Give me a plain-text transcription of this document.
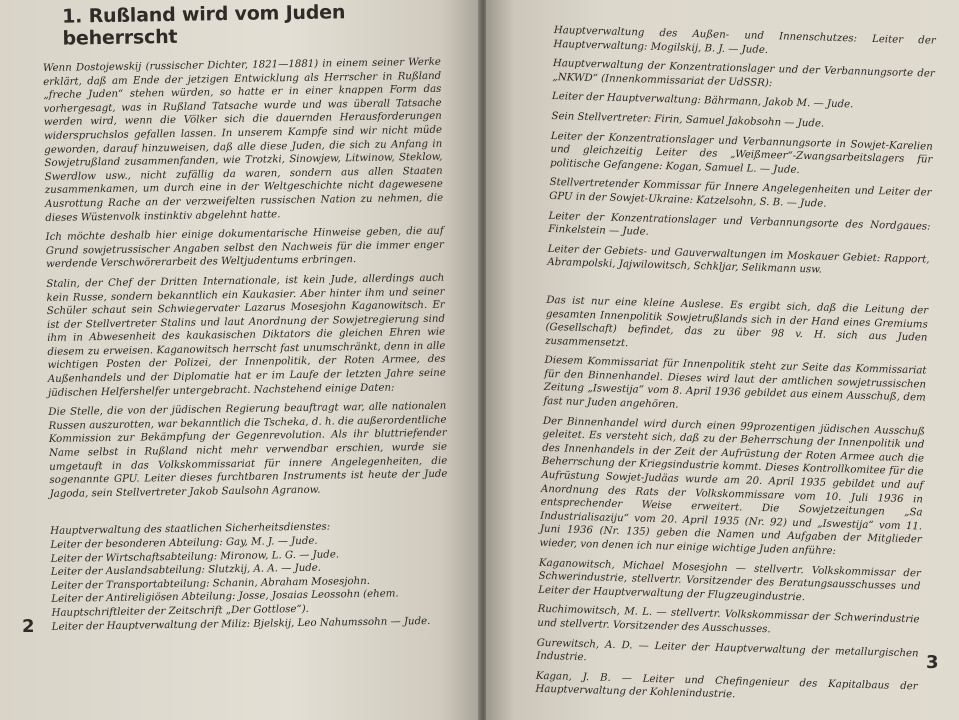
1. Rußland wird vom Juden beherrscht

Wenn Dostojewskij (russischer Dichter, 1821—1881) in einem seiner Werke erklärt, daß am Ende der jetzigen Entwicklung als Herrscher in Rußland „freche Juden“ stehen würden, so hatte er in einer knappen Form das vorhergesagt, was in Rußland Tatsache wurde und was überall Tatsache werden wird, wenn die Völker sich die dauernden Herausforderungen widerspruchslos gefallen lassen. In unserem Kampfe sind wir nicht müde geworden, darauf hinzuweisen, daß alle diese Juden, die sich zu Anfang in Sowjetrußland zusammenfanden, wie Trotzki, Sinowjew, Litwinow, Steklow, Swerdlow usw., nicht zufällig da waren, sondern aus allen Staaten zusammenkamen, um durch eine in der Weltgeschichte nicht dagewesene Ausrottung Rache an der verzweifelten russischen Nation zu nehmen, die dieses Wüstenvolk instinktiv abgelehnt hatte.

Ich möchte deshalb hier einige dokumentarische Hinweise geben, die auf Grund sowjetrussischer Angaben selbst den Nachweis für die immer enger werdende Verschwörerarbeit des Weltjudentums erbringen.

Stalin, der Chef der Dritten Internationale, ist kein Jude, allerdings auch kein Russe, sondern bekanntlich ein Kaukasier. Aber hinter ihm und seiner Schüler schaut sein Schwiegervater Lazarus Mosesjohn Kaganowitsch. Er ist der Stellvertreter Stalins und laut Anordnung der Sowjetregierung sind ihm in Abwesenheit des kaukasischen Diktators die gleichen Ehren wie diesem zu erweisen. Kaganowitsch herrscht fast unumschränkt, denn in alle wichtigen Posten der Polizei, der Innenpolitik, der Roten Armee, des Außenhandels und der Diplomatie hat er im Laufe der letzten Jahre seine jüdischen Helfershelfer untergebracht. Nachstehend einige Daten:

Die Stelle, die von der jüdischen Regierung beauftragt war, alle nationalen Russen auszurotten, war bekanntlich die Tscheka, d. h. die außerordentliche Kommission zur Bekämpfung der Gegenrevolution. Als ihr bluttriefender Name selbst in Rußland nicht mehr verwendbar erschien, wurde sie umgetauft in das Volkskommissariat für innere Angelegenheiten, die sogenannte GPU. Leiter dieses furchtbaren Instruments ist heute der Jude Jagoda, sein Stellvertreter Jakob Saulsohn Agranow.

Hauptverwaltung des staatlichen Sicherheitsdienstes:
Leiter der besonderen Abteilung: Gay, M. J. — Jude.
Leiter der Wirtschaftsabteilung: Mironow, L. G. — Jude.
Leiter der Auslandsabteilung: Slutzkij, A. A. — Jude.
Leiter der Transportabteilung: Schanin, Abraham Mosesjohn.
Leiter der Antireligiösen Abteilung: Josse, Josaias Leossohn (ehem. Hauptschriftleiter der Zeitschrift „Der Gottlose“).
Leiter der Hauptverwaltung der Miliz: Bjelskij, Leo Nahumssohn — Jude.
2

Hauptverwaltung des Außen- und Innenschutzes: Leiter der Hauptverwaltung: Mogilskij, B. J. — Jude.

Hauptverwaltung der Konzentrationslager und der Verbannungsorte der „NKWD“ (Innenkommissariat der UdSSR):

Leiter der Hauptverwaltung: Bährmann, Jakob M. — Jude.

Sein Stellvertreter: Firin, Samuel Jakobsohn — Jude.

Leiter der Konzentrationslager und Verbannungsorte in Sowjet-Karelien und gleichzeitig Leiter des „Weißmeer“-Zwangsarbeitslagers für politische Gefangene: Kogan, Samuel L. — Jude.

Stellvertretender Kommissar für Innere Angelegenheiten und Leiter der GPU in der Sowjet-Ukraine: Katzelsohn, S. B. — Jude.

Leiter der Konzentrationslager und Verbannungsorte des Nordgaues: Finkelstein — Jude.

Leiter der Gebiets- und Gauverwaltungen im Moskauer Gebiet: Rapport, Abrampolski, Jajwilowitsch, Schkljar, Selikmann usw.

Das ist nur eine kleine Auslese. Es ergibt sich, daß die Leitung der gesamten Innenpolitik Sowjetrußlands sich in der Hand eines Gremiums (Gesellschaft) befindet, das zu über 98 v. H. sich aus Juden zusammensetzt.

Diesem Kommissariat für Innenpolitik steht zur Seite das Kommissariat für den Binnenhandel. Dieses wird laut der amtlichen sowjetrussischen Zeitung „Iswestija“ vom 8. April 1936 gebildet aus einem Ausschuß, dem fast nur Juden angehören.

Der Binnenhandel wird durch einen 99prozentigen jüdischen Ausschuß geleitet. Es versteht sich, daß zu der Beherrschung der Innenpolitik und des Innenhandels in der Zeit der Aufrüstung der Roten Armee auch die Beherrschung der Kriegsindustrie kommt. Dieses Kontrollkomitee für die Aufrüstung Sowjet-Judäas wurde am 20. April 1935 gebildet und auf Anordnung des Rats der Volkskommissare vom 10. Juli 1936 in entsprechender Weise erweitert. Die Sowjetzeitungen „Sa Industrialisaziju“ vom 20. April 1935 (Nr. 92) und „Iswestija“ vom 11. Juni 1936 (Nr. 135) geben die Namen und Aufgaben der Mitglieder wieder, von denen ich nur einige wichtige Juden anführe:

Kaganowitsch, Michael Mosesjohn — stellvertr. Volkskommissar der Schwerindustrie, stellvertr. Vorsitzender des Beratungsausschusses und Leiter der Hauptverwaltung der Flugzeugindustrie.

Ruchimowitsch, M. L. — stellvertr. Volkskommissar der Schwerindustrie und stellvertr. Vorsitzender des Ausschusses.

Gurewitsch, A. D. — Leiter der Hauptverwaltung der metallurgischen Industrie.

Kagan, J. B. — Leiter und Chefingenieur des Kapitalbaus der Hauptverwaltung der Kohlenindustrie.

3
